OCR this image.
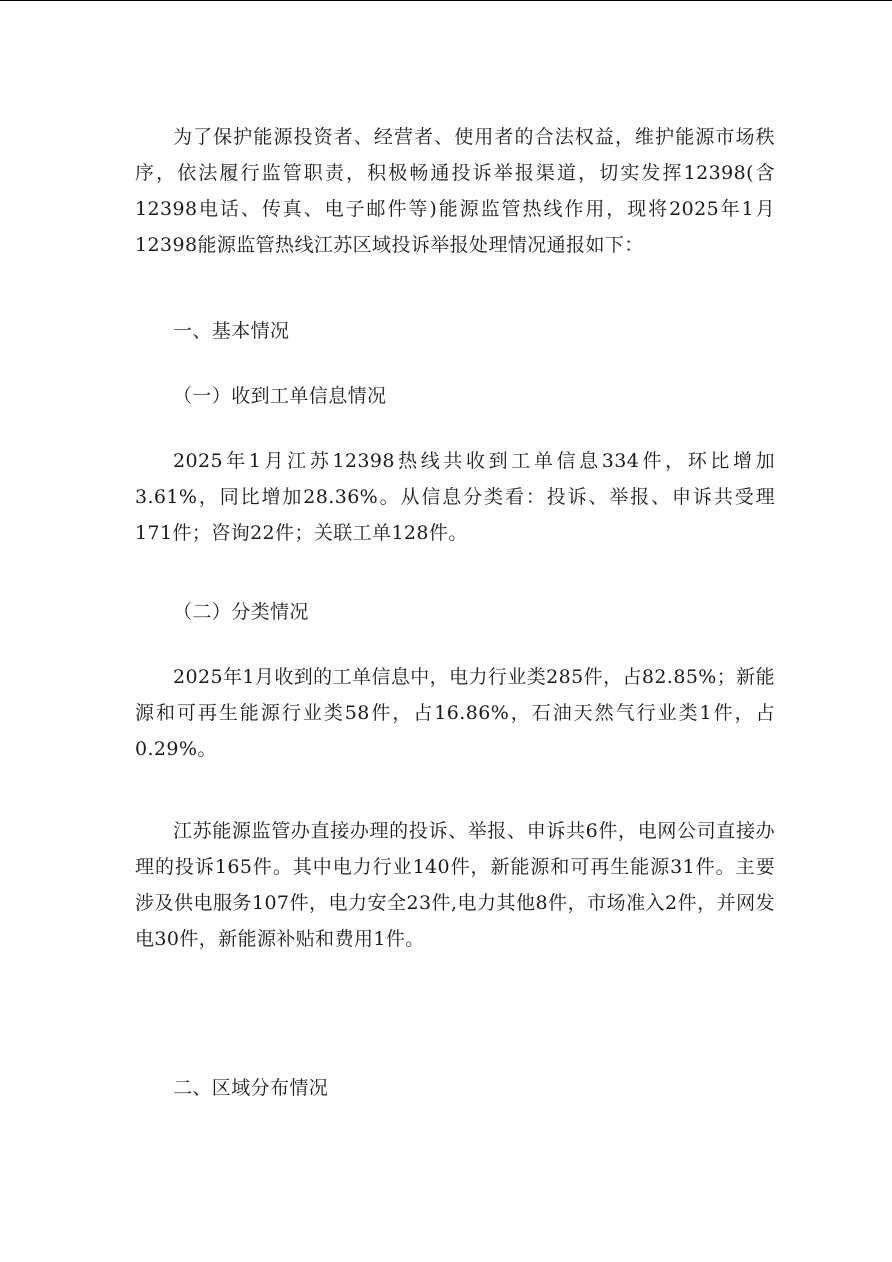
为了保护能源投资者、经营者、使用者的合法权益，维护能源市场秩序，依法履行监管职责，积极畅通投诉举报渠道，切实发挥12398(含12398电话、传真、电子邮件等)能源监管热线作用，现将2025年1月12398能源监管热线江苏区域投诉举报处理情况通报如下：

一、基本情况

（一）收到工单信息情况

2025年1月江苏12398热线共收到工单信息334件，环比增加3.61%，同比增加28.36%。从信息分类看：投诉、举报、申诉共受理171件；咨询22件；关联工单128件。

（二）分类情况

2025年1月收到的工单信息中，电力行业类285件，占82.85%；新能源和可再生能源行业类58件，占16.86%，石油天然气行业类1件，占0.29%。

江苏能源监管办直接办理的投诉、举报、申诉共6件，电网公司直接办理的投诉165件。其中电力行业140件，新能源和可再生能源31件。主要涉及供电服务107件，电力安全23件,电力其他8件，市场准入2件，并网发电30件，新能源补贴和费用1件。

二、区域分布情况
